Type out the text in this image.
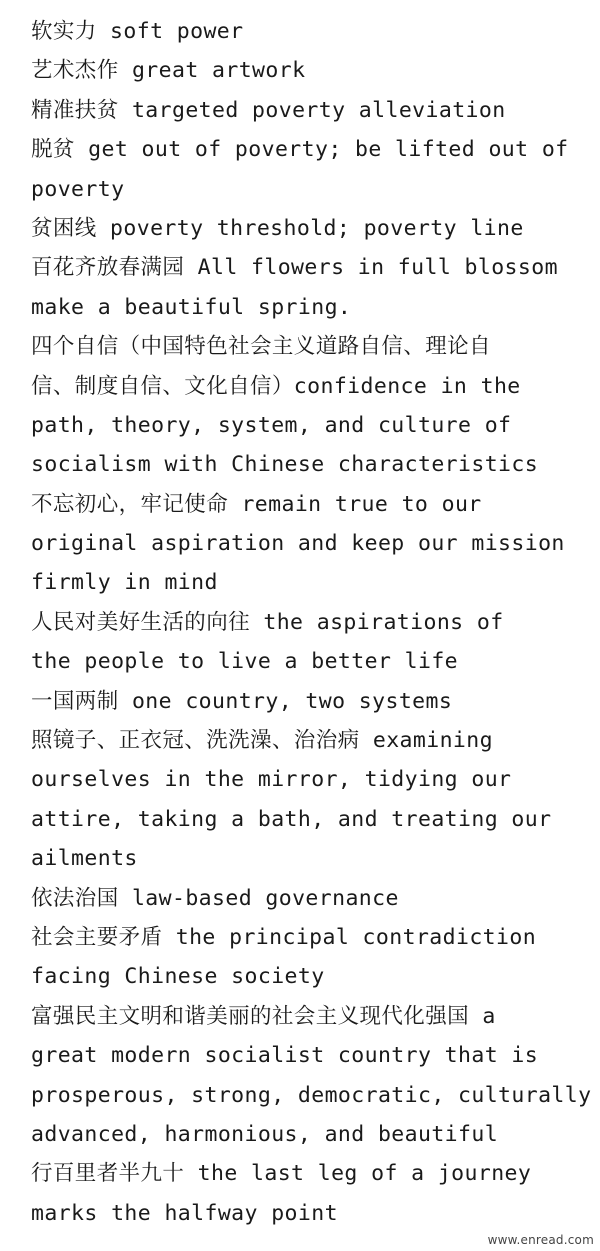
软实力 soft power
艺术杰作 great artwork
精准扶贫 targeted poverty alleviation
脱贫 get out of poverty; be lifted out of
poverty
贫困线 poverty threshold; poverty line
百花齐放春满园 All flowers in full blossom
make a beautiful spring.
四个自信（中国特色社会主义道路自信、理论自
信、制度自信、文化自信）confidence in the
path, theory, system, and culture of
socialism with Chinese characteristics
不忘初心，牢记使命 remain true to our
original aspiration and keep our mission
firmly in mind
人民对美好生活的向往 the aspirations of
the people to live a better life
一国两制 one country, two systems
照镜子、正衣冠、洗洗澡、治治病 examining
ourselves in the mirror, tidying our
attire, taking a bath, and treating our
ailments
依法治国 law-based governance
社会主要矛盾 the principal contradiction
facing Chinese society
富强民主文明和谐美丽的社会主义现代化强国 a
great modern socialist country that is
prosperous, strong, democratic, culturally
advanced, harmonious, and beautiful
行百里者半九十 the last leg of a journey
marks the halfway point
www.enread.com
